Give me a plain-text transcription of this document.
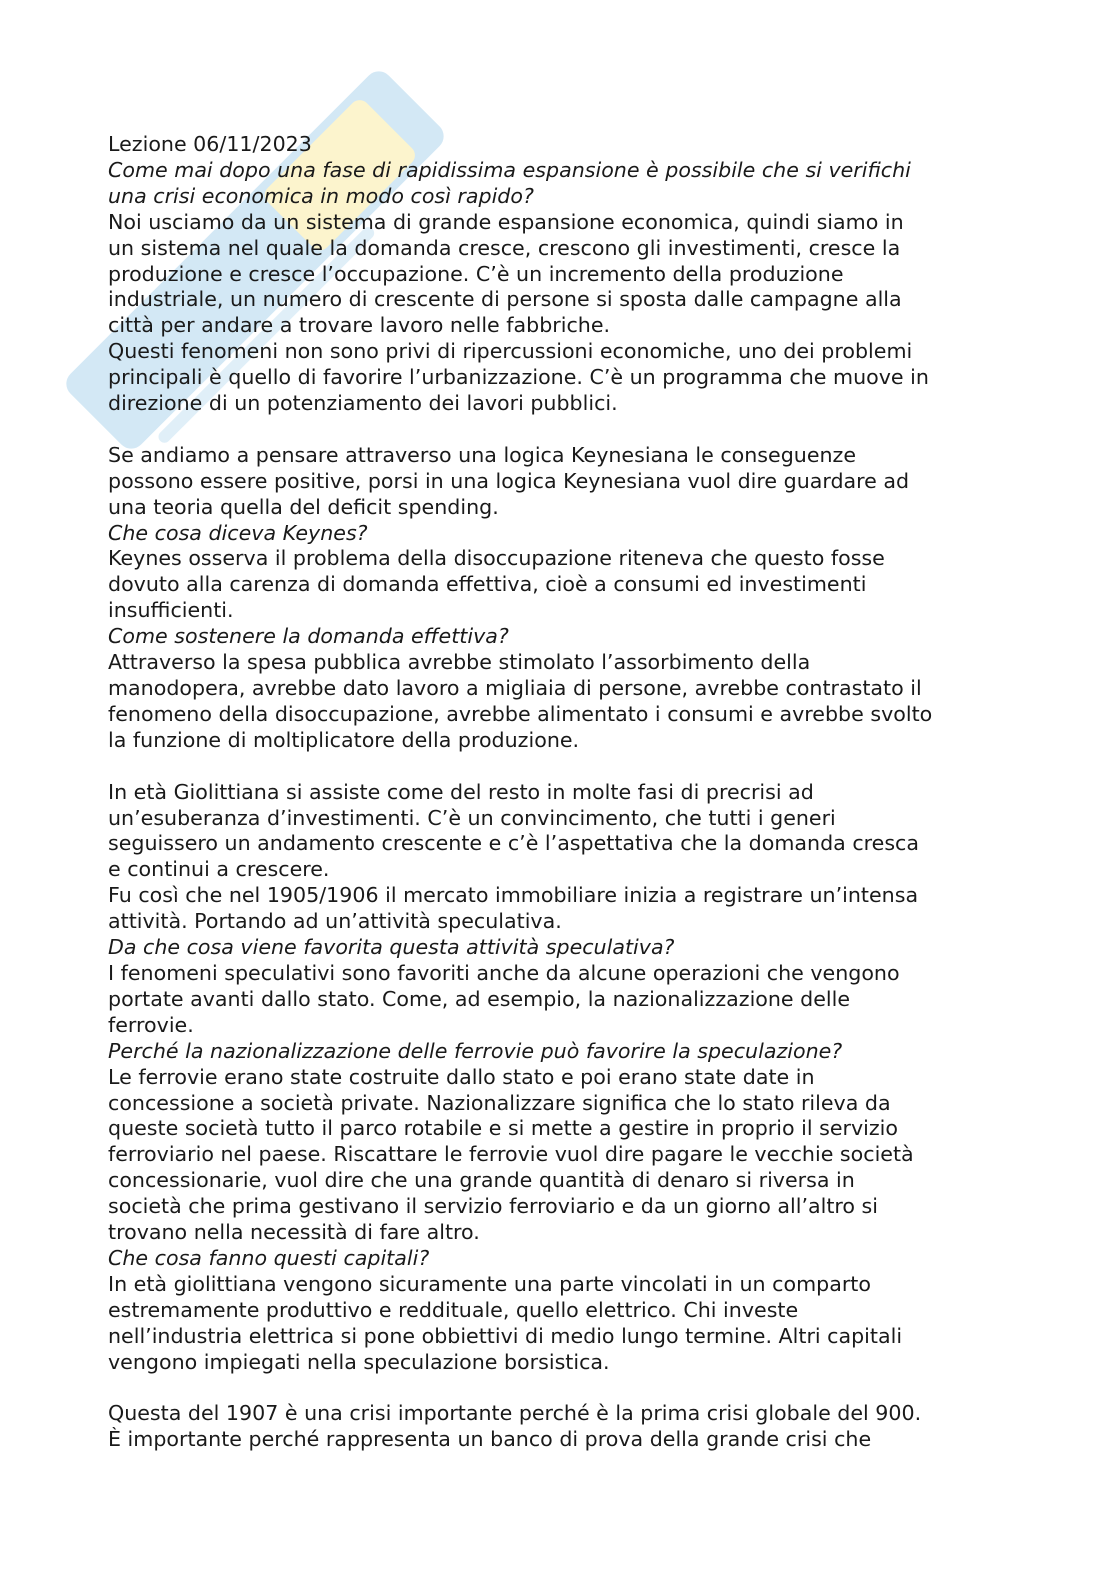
Lezione 06/11/2023

Come mai dopo una fase di rapidissima espansione è possibile che si verifichi
una crisi economica in modo così rapido?

Noi usciamo da un sistema di grande espansione economica, quindi siamo in
un sistema nel quale la domanda cresce, crescono gli investimenti, cresce la
produzione e cresce l’occupazione. C’è un incremento della produzione
industriale, un numero di crescente di persone si sposta dalle campagne alla
città per andare a trovare lavoro nelle fabbriche.

Questi fenomeni non sono privi di ripercussioni economiche, uno dei problemi
principali è quello di favorire l’urbanizzazione. C’è un programma che muove in
direzione di un potenziamento dei lavori pubblici.

Se andiamo a pensare attraverso una logica Keynesiana le conseguenze
possono essere positive, porsi in una logica Keynesiana vuol dire guardare ad
una teoria quella del deficit spending.

Che cosa diceva Keynes?

Keynes osserva il problema della disoccupazione riteneva che questo fosse
dovuto alla carenza di domanda effettiva, cioè a consumi ed investimenti
insufficienti.

Come sostenere la domanda effettiva?

Attraverso la spesa pubblica avrebbe stimolato l’assorbimento della
manodopera, avrebbe dato lavoro a migliaia di persone, avrebbe contrastato il
fenomeno della disoccupazione, avrebbe alimentato i consumi e avrebbe svolto
la funzione di moltiplicatore della produzione.

In età Giolittiana si assiste come del resto in molte fasi di precrisi ad
un’esuberanza d’investimenti. C’è un convincimento, che tutti i generi
seguissero un andamento crescente e c’è l’aspettativa che la domanda cresca
e continui a crescere.

Fu così che nel 1905/1906 il mercato immobiliare inizia a registrare un’intensa
attività. Portando ad un’attività speculativa.

Da che cosa viene favorita questa attività speculativa?

I fenomeni speculativi sono favoriti anche da alcune operazioni che vengono
portate avanti dallo stato. Come, ad esempio, la nazionalizzazione delle
ferrovie.

Perché la nazionalizzazione delle ferrovie può favorire la speculazione?

Le ferrovie erano state costruite dallo stato e poi erano state date in
concessione a società private. Nazionalizzare significa che lo stato rileva da
queste società tutto il parco rotabile e si mette a gestire in proprio il servizio
ferroviario nel paese. Riscattare le ferrovie vuol dire pagare le vecchie società
concessionarie, vuol dire che una grande quantità di denaro si riversa in
società che prima gestivano il servizio ferroviario e da un giorno all’altro si
trovano nella necessità di fare altro.

Che cosa fanno questi capitali?

In età giolittiana vengono sicuramente una parte vincolati in un comparto
estremamente produttivo e reddituale, quello elettrico. Chi investe
nell’industria elettrica si pone obbiettivi di medio lungo termine. Altri capitali
vengono impiegati nella speculazione borsistica.

Questa del 1907 è una crisi importante perché è la prima crisi globale del 900.
È importante perché rappresenta un banco di prova della grande crisi che
